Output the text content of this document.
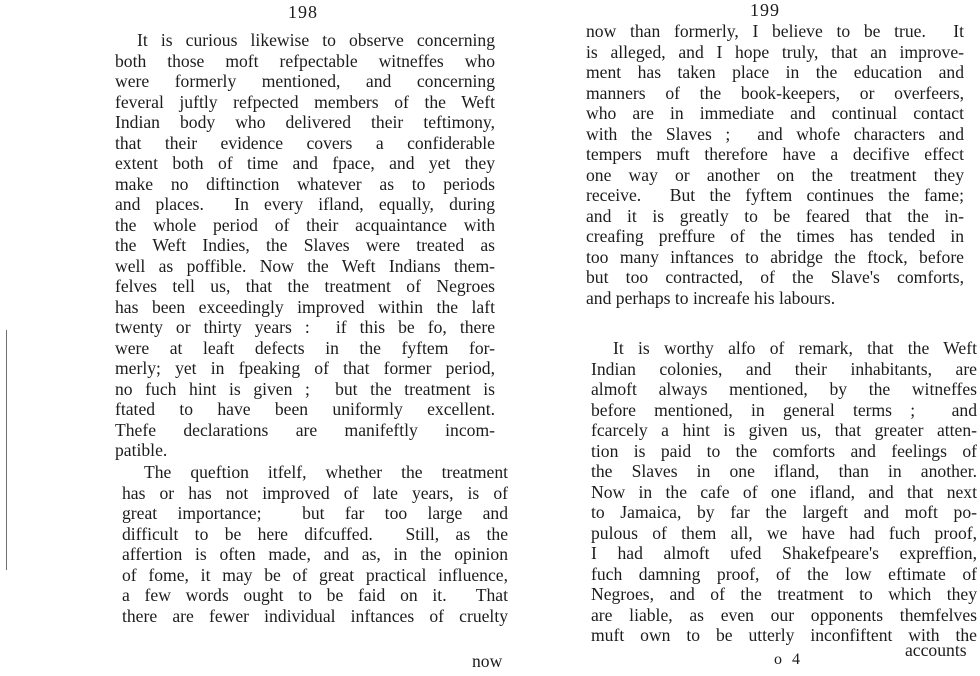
198
It is curious likewise to observe concerning
both those moft refpectable witneffes who
were formerly mentioned, and concerning
feveral juftly refpected members of the Weft
Indian body who delivered their teftimony,
that their evidence covers a confiderable
extent both of time and fpace, and yet they
make no diftinction whatever as to periods
and places.  In every ifland, equally, during
the whole period of their acquaintance with
the Weft Indies, the Slaves were treated as
well as poffible. Now the Weft Indians them-
felves tell us, that the treatment of Negroes
has been exceedingly improved within the laft
twenty or thirty years :  if this be fo, there
were at leaft defects in the fyftem for-
merly; yet in fpeaking of that former period,
no fuch hint is given ;  but the treatment is
ftated to have been uniformly excellent.
Thefe declarations are manifeftly incom-
patible.
The queftion itfelf, whether the treatment
has or has not improved of late years, is of
great importance;  but far too large and
difficult to be here difcuffed.  Still, as the
affertion is often made, and as, in the opinion
of fome, it may be of great practical influence,
a few words ought to be faid on it.  That
there are fewer individual inftances of cruelty
now
199
now than formerly, I believe to be true.  It
is alleged, and I hope truly, that an improve-
ment has taken place in the education and
manners of the book-keepers, or overfeers,
who are in immediate and continual contact
with the Slaves ;  and whofe characters and
tempers muft therefore have a decifive effect
one way or another on the treatment they
receive.  But the fyftem continues the fame;
and it is greatly to be feared that the in-
creafing preffure of the times has tended in
too many inftances to abridge the ftock, before
but too contracted, of the Slave's comforts,
and perhaps to increafe his labours.
It is worthy alfo of remark, that the Weft
Indian colonies, and their inhabitants, are
almoft always mentioned, by the witneffes
before mentioned, in general terms ;  and
fcarcely a hint is given us, that greater atten-
tion is paid to the comforts and feelings of
the Slaves in one ifland, than in another.
Now in the cafe of one ifland, and that next
to Jamaica, by far the largeft and moft po-
pulous of them all, we have had fuch proof,
I had almoft ufed Shakefpeare's expreffion,
fuch damning proof, of the low eftimate of
Negroes, and of the treatment to which they
are liable, as even our opponents themfelves
muft own to be utterly inconfiftent with the
o 4	accounts
